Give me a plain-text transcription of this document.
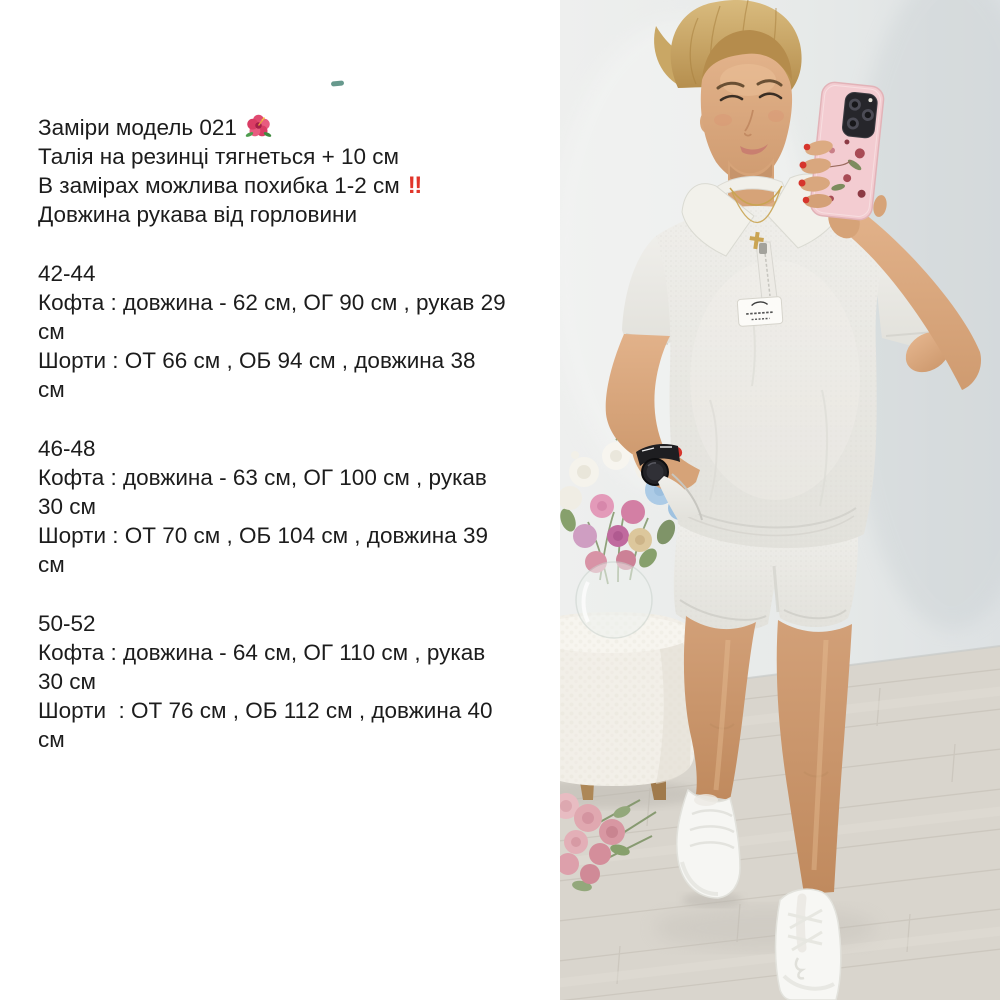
Заміри модель 021
Талія на резинці тягнеться + 10 см
В замірах можлива похибка 1-2 см ‼
Довжина рукава від горловини
42-44
Кофта : довжина - 62 см, ОГ 90 см , рукав 29
см
Шорти : ОТ 66 см , ОБ 94 см , довжина 38
см
46-48
Кофта : довжина - 63 см, ОГ 100 см , рукав
30 см
Шорти : ОТ 70 см , ОБ 104 см , довжина 39
см
50-52
Кофта : довжина - 64 см, ОГ 110 см , рукав
30 см
Шорти  : ОТ 76 см , ОБ 112 см , довжина 40
см
